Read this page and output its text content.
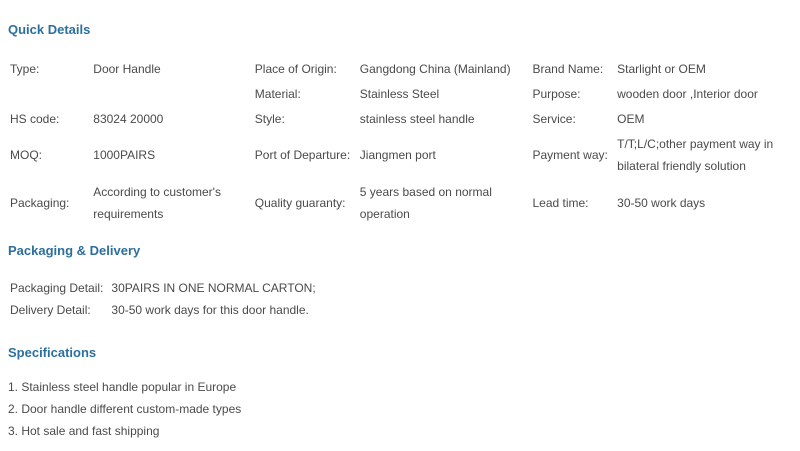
Quick Details
Type:	Door Handle	Place of Origin:	Gangdong China (Mainland)	Brand Name:	Starlight or OEM
		Material:	Stainless Steel	Purpose:	wooden door ,Interior door
HS code:	83024 20000	Style:	stainless steel handle	Service:	OEM
MOQ:	1000PAIRS	Port of Departure:	Jiangmen port	Payment way:	T/T;L/C;other payment way in bilateral friendly solution
Packaging:	According to customer's requirements	Quality guaranty:	5 years based on normal operation	Lead time:	30-50 work days
Packaging & Delivery
Packaging Detail:	30PAIRS IN ONE NORMAL CARTON;
Delivery Detail:	30-50 work days for this door handle.
Specifications
1. Stainless steel handle popular in Europe
2. Door handle different custom-made types
3. Hot sale and fast shipping
